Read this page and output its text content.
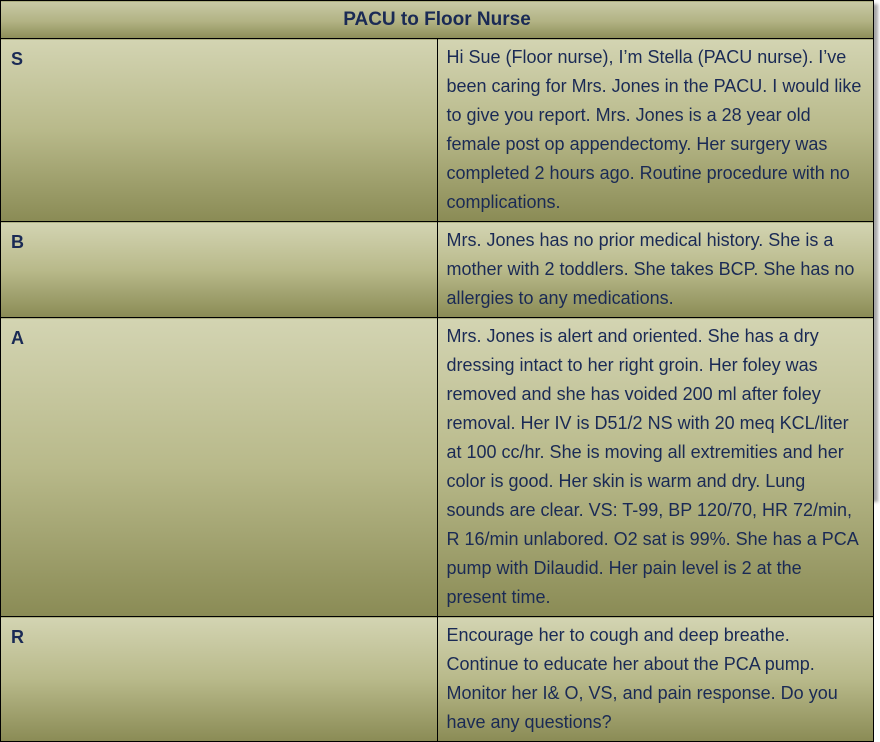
PACU to Floor Nurse	
S	Hi Sue (Floor nurse), I’m Stella (PACU nurse). I’ve been caring for Mrs. Jones in the PACU. I would like to give you report. Mrs. Jones is a 28 year old female post op appendectomy. Her surgery was completed 2 hours ago. Routine procedure with no complications.
B	Mrs. Jones has no prior medical history. She is a mother with 2 toddlers. She takes BCP. She has no allergies to any medications.
A	Mrs. Jones is alert and oriented. She has a dry dressing intact to her right groin. Her foley was removed and she has voided 200 ml after foley removal. Her IV is D51/2 NS with 20 meq KCL/liter at 100 cc/hr. She is moving all extremities and her color is good. Her skin is warm and dry. Lung sounds are clear. VS: T-99, BP 120/70, HR 72/min, R 16/min unlabored. O2 sat is 99%. She has a PCA pump with Dilaudid. Her pain level is 2 at the present time.
R	Encourage her to cough and deep breathe. Continue to educate her about the PCA pump. Monitor her I& O, VS, and pain response. Do you have any questions?
